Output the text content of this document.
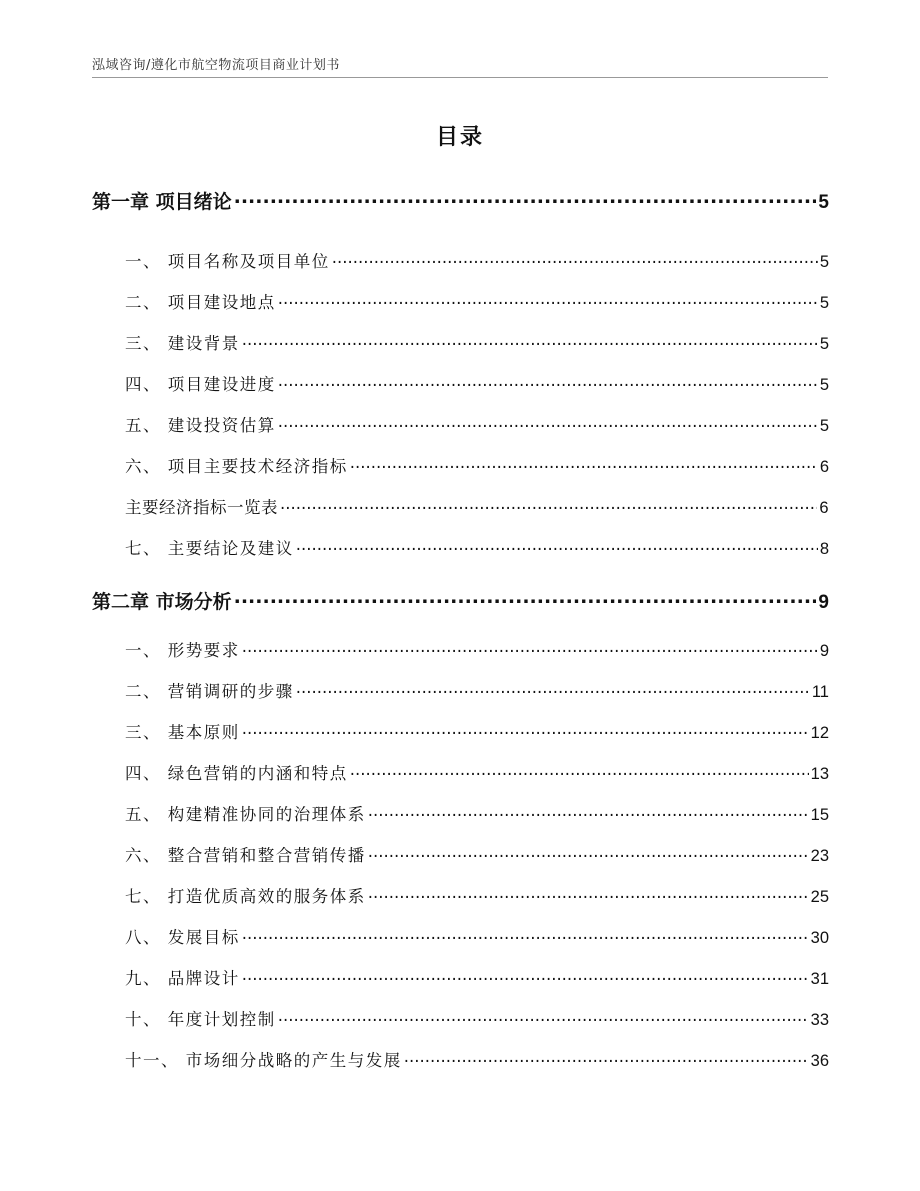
泓域咨询/遵化市航空物流项目商业计划书
目录
第一章 项目绪论 .....	5
一、 项目名称及项目单位 .....	5
二、 项目建设地点 .....	5
三、 建设背景 .....	5
四、 项目建设进度 .....	5
五、 建设投资估算 .....	5
六、 项目主要技术经济指标 .....	6
主要经济指标一览表 .....	6
七、 主要结论及建议 .....	8
第二章 市场分析 .....	9
一、 形势要求 .....	9
二、 营销调研的步骤 .....	11
三、 基本原则 .....	12
四、 绿色营销的内涵和特点 .....	13
五、 构建精准协同的治理体系 .....	15
六、 整合营销和整合营销传播 .....	23
七、 打造优质高效的服务体系 .....	25
八、 发展目标 .....	30
九、 品牌设计 .....	31
十、 年度计划控制 .....	33
十一、 市场细分战略的产生与发展 .....	36
